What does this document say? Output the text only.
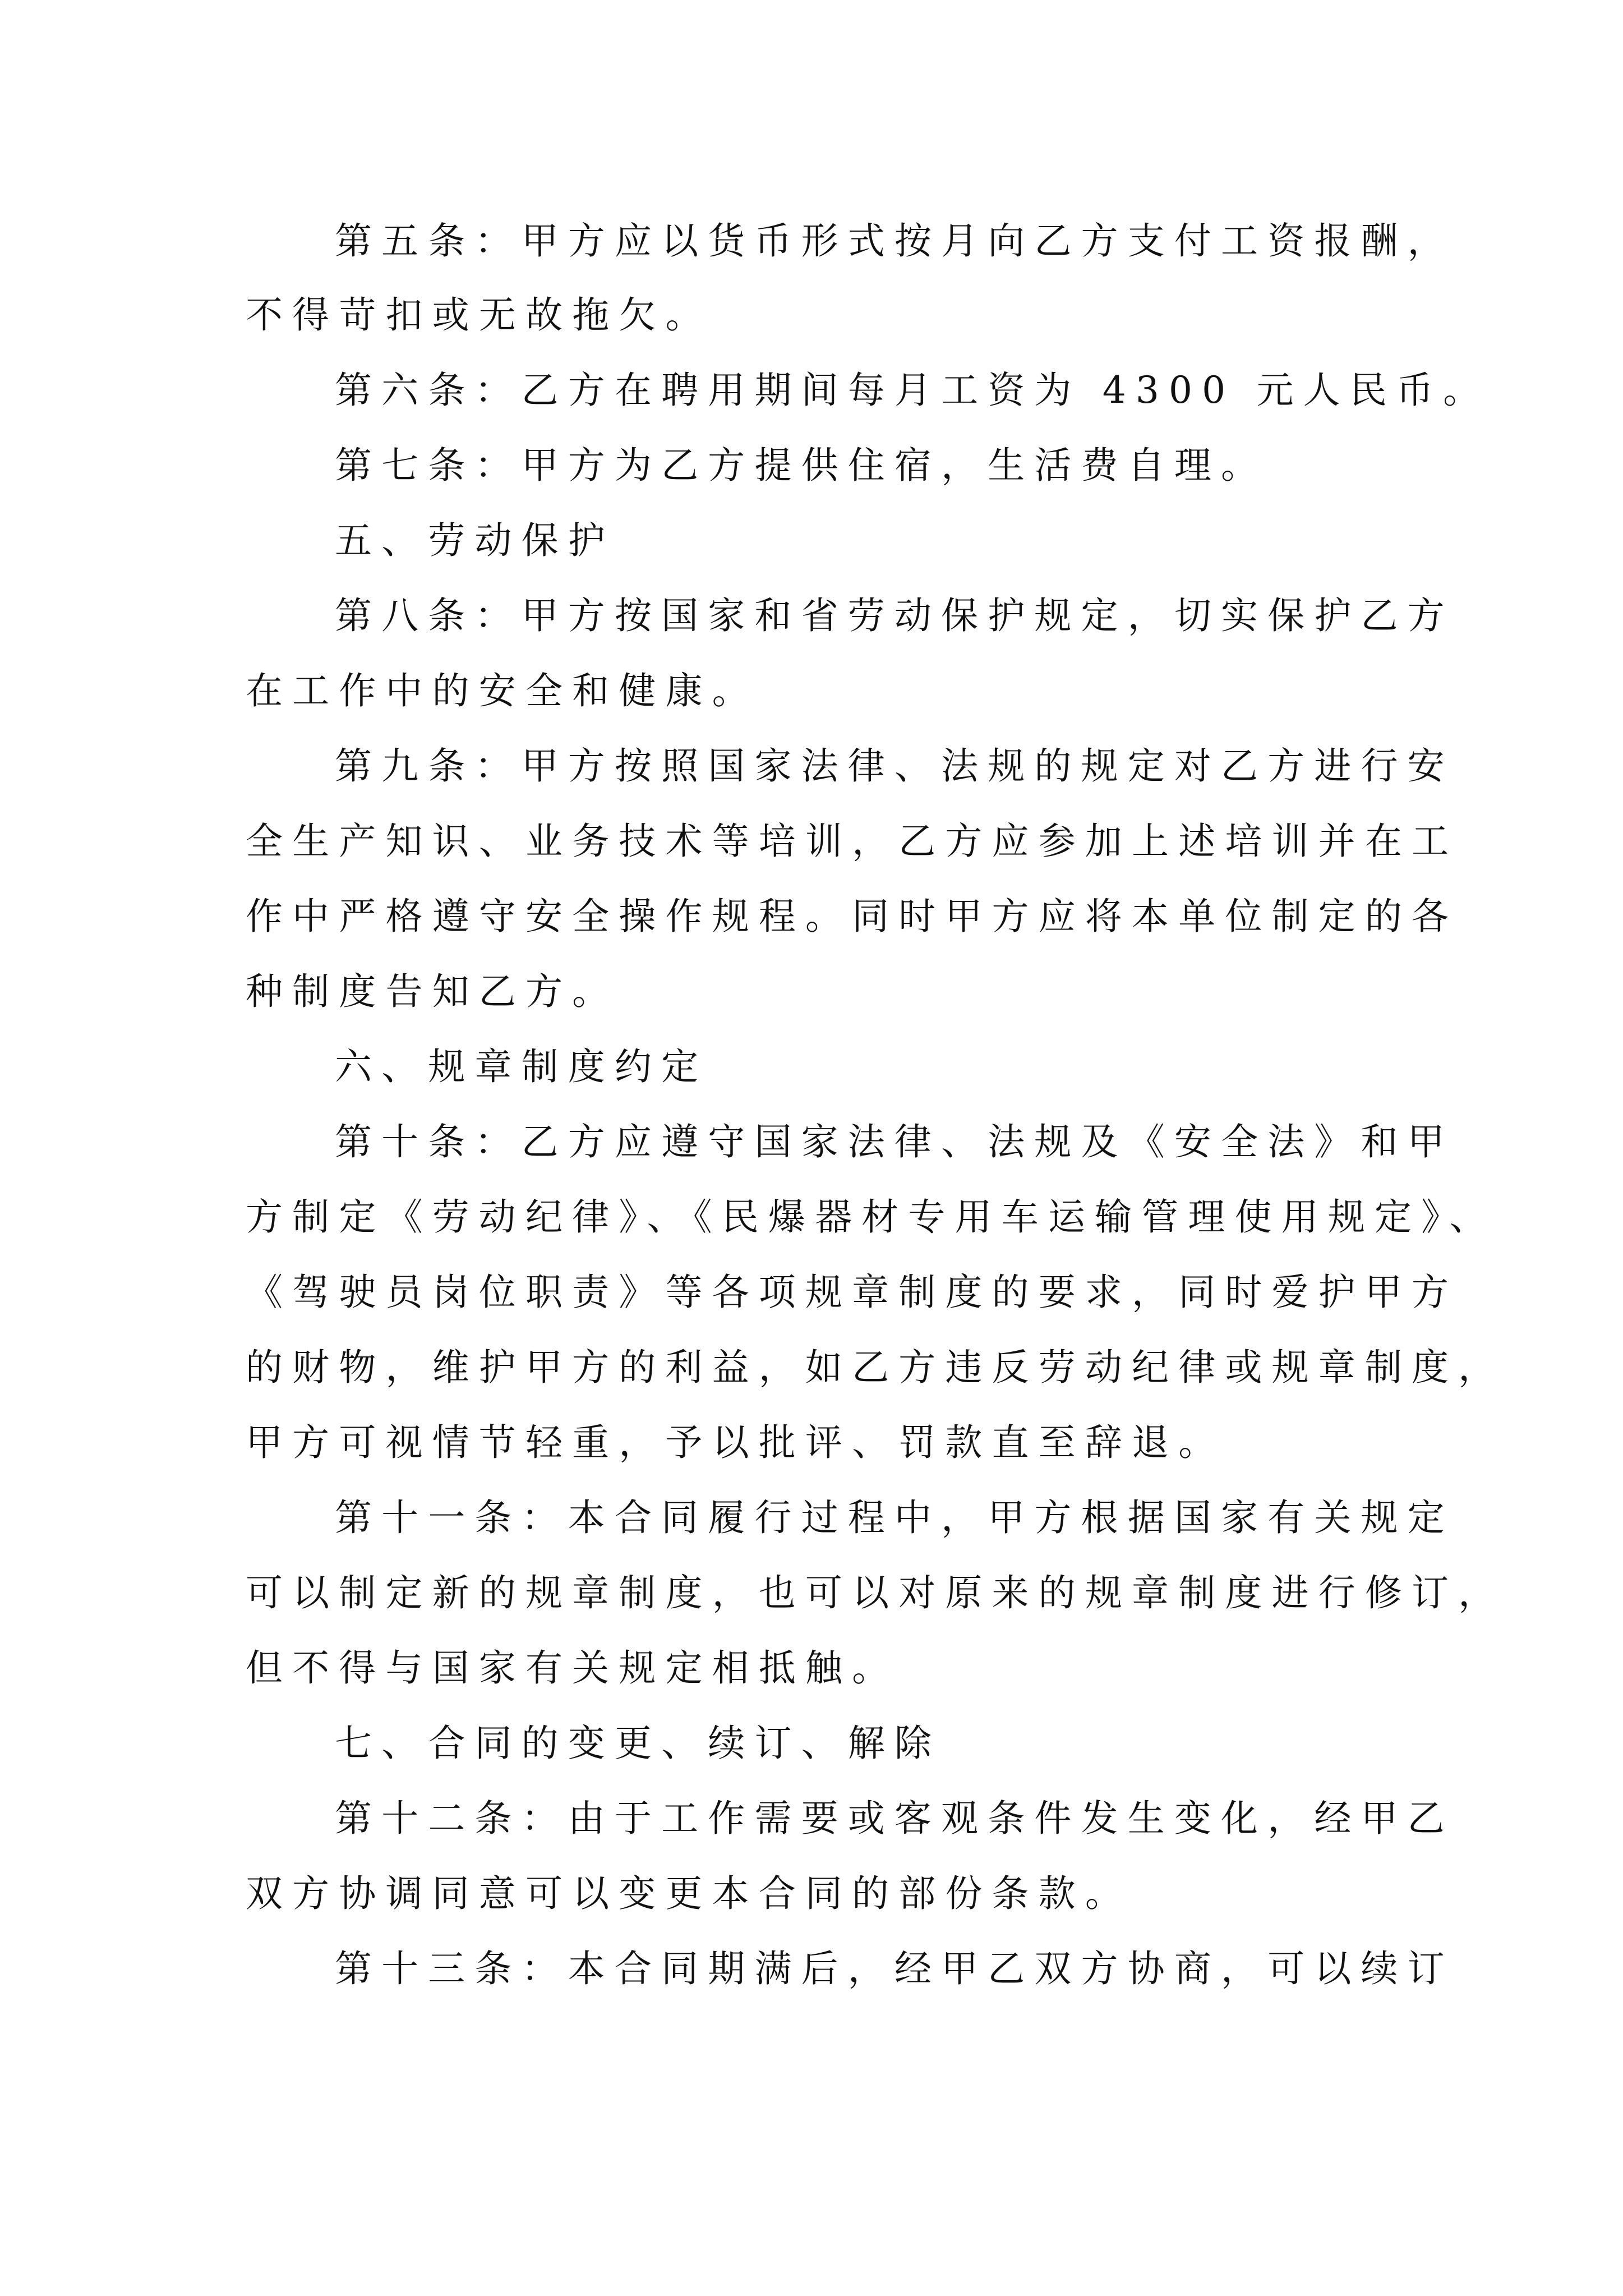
第五条：甲方应以货币形式按月向乙方支付工资报酬，
不得苛扣或无故拖欠。
第六条：乙方在聘用期间每月工资为 4300 元人民币。
第七条：甲方为乙方提供住宿，生活费自理。
五、劳动保护
第八条：甲方按国家和省劳动保护规定，切实保护乙方
在工作中的安全和健康。
第九条：甲方按照国家法律、法规的规定对乙方进行安
全生产知识、业务技术等培训，乙方应参加上述培训并在工
作中严格遵守安全操作规程。同时甲方应将本单位制定的各
种制度告知乙方。
六、规章制度约定
第十条：乙方应遵守国家法律、法规及《安全法》和甲
方制定《劳动纪律》、《民爆器材专用车运输管理使用规定》、
《驾驶员岗位职责》等各项规章制度的要求，同时爱护甲方
的财物，维护甲方的利益，如乙方违反劳动纪律或规章制度，
甲方可视情节轻重，予以批评、罚款直至辞退。
第十一条：本合同履行过程中，甲方根据国家有关规定
可以制定新的规章制度，也可以对原来的规章制度进行修订，
但不得与国家有关规定相抵触。
七、合同的变更、续订、解除
第十二条：由于工作需要或客观条件发生变化，经甲乙
双方协调同意可以变更本合同的部份条款。
第十三条：本合同期满后，经甲乙双方协商，可以续订
